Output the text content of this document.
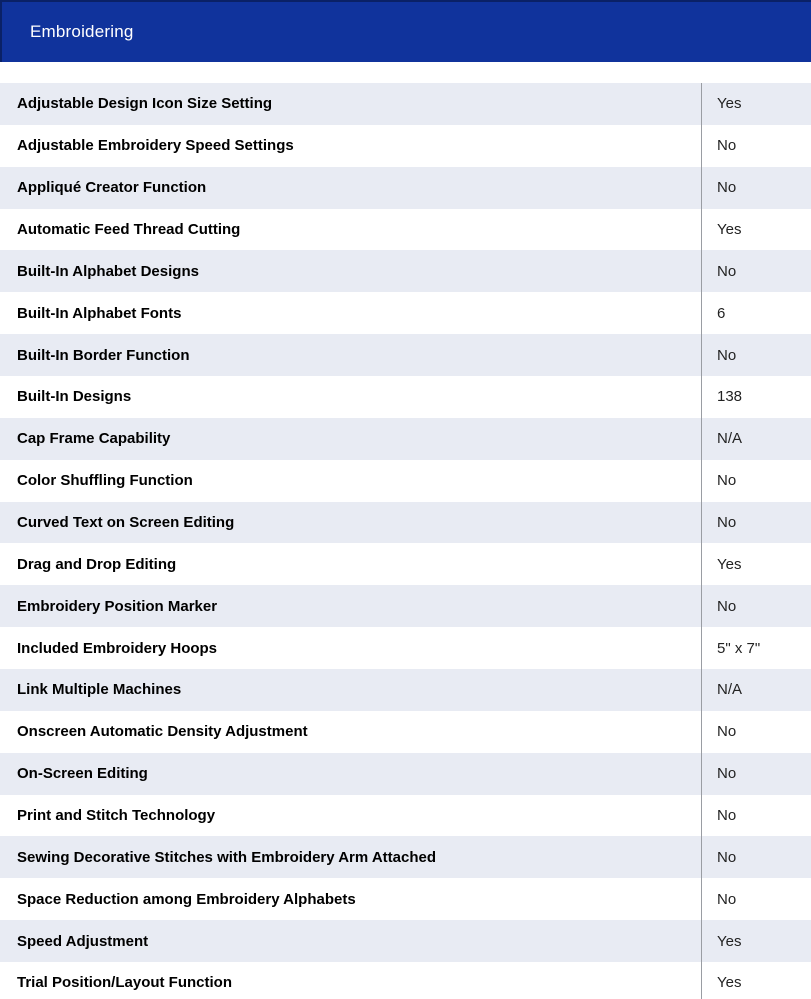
Embroidering
Adjustable Design Icon Size Setting	Yes
Adjustable Embroidery Speed Settings	No
Appliqué Creator Function	No
Automatic Feed Thread Cutting	Yes
Built-In Alphabet Designs	No
Built-In Alphabet Fonts	6
Built-In Border Function	No
Built-In Designs	138
Cap Frame Capability	N/A
Color Shuffling Function	No
Curved Text on Screen Editing	No
Drag and Drop Editing	Yes
Embroidery Position Marker	No
Included Embroidery Hoops	5" x 7"
Link Multiple Machines	N/A
Onscreen Automatic Density Adjustment	No
On-Screen Editing	No
Print and Stitch Technology	No
Sewing Decorative Stitches with Embroidery Arm Attached	No
Space Reduction among Embroidery Alphabets	No
Speed Adjustment	Yes
Trial Position/Layout Function	Yes
